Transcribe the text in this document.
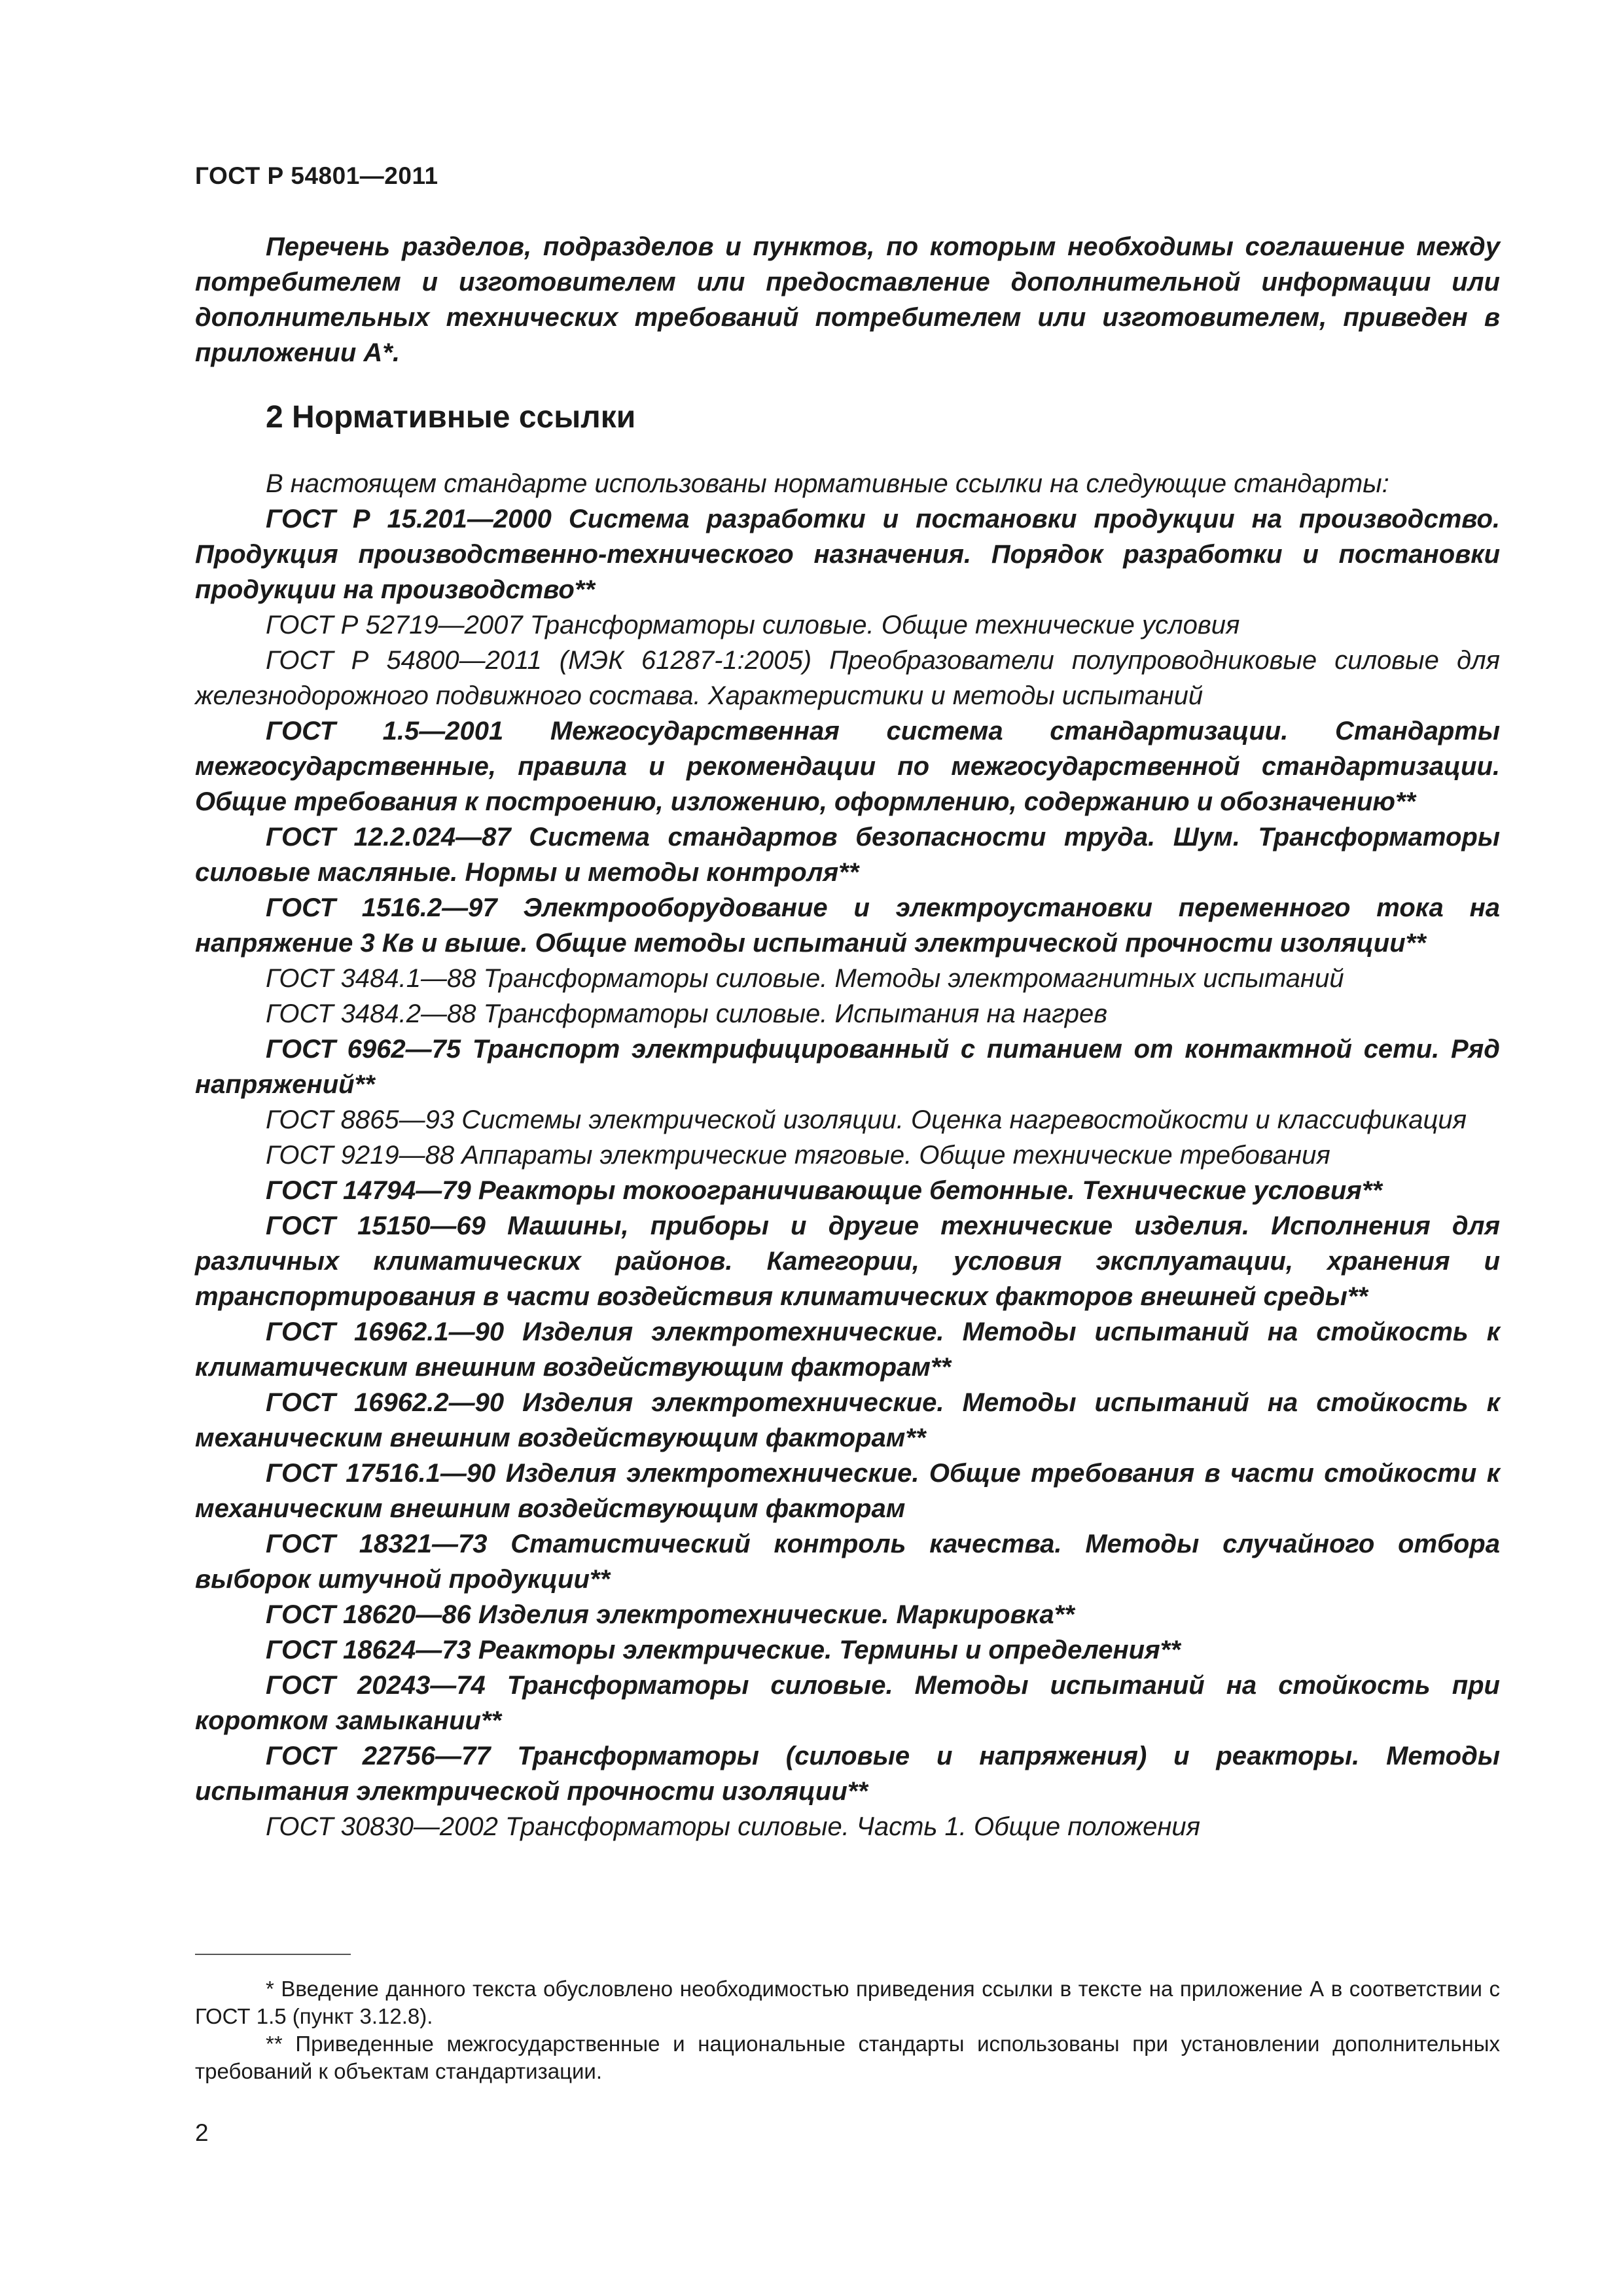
ГОСТ Р 54801—2011

Перечень разделов, подразделов и пунктов, по которым необходимы соглашение между потребителем и изготовителем или предоставление дополнительной информации или дополнительных технических требований потребителем или изготовителем, приведен в приложении А*.

2 Нормативные ссылки

В настоящем стандарте использованы нормативные ссылки на следующие стандарты:

ГОСТ Р 15.201—2000 Система разработки и постановки продукции на производство. Продукция производственно-технического назначения. Порядок разработки и постановки продукции на производство**

ГОСТ Р 52719—2007 Трансформаторы силовые. Общие технические условия

ГОСТ Р 54800—2011 (МЭК 61287-1:2005) Преобразователи полупроводниковые силовые для железнодорожного подвижного состава. Характеристики и методы испытаний

ГОСТ 1.5—2001 Межгосударственная система стандартизации. Стандарты межгосударственные, правила и рекомендации по межгосударственной стандартизации. Общие требования к построению, изложению, оформлению, содержанию и обозначению**

ГОСТ 12.2.024—87 Система стандартов безопасности труда. Шум. Трансформаторы силовые масляные. Нормы и методы контроля**

ГОСТ 1516.2—97 Электрооборудование и электроустановки переменного тока на напряжение 3 Кв и выше. Общие методы испытаний электрической прочности изоляции**

ГОСТ 3484.1—88 Трансформаторы силовые. Методы электромагнитных испытаний

ГОСТ 3484.2—88 Трансформаторы силовые. Испытания на нагрев

ГОСТ 6962—75 Транспорт электрифицированный с питанием от контактной сети. Ряд напряжений**

ГОСТ 8865—93 Системы электрической изоляции. Оценка нагревостойкости и классификация

ГОСТ 9219—88 Аппараты электрические тяговые. Общие технические требования

ГОСТ 14794—79 Реакторы токоограничивающие бетонные. Технические условия**

ГОСТ 15150—69 Машины, приборы и другие технические изделия. Исполнения для различных климатических районов. Категории, условия эксплуатации, хранения и транспортирования в части воздействия климатических факторов внешней среды**

ГОСТ 16962.1—90 Изделия электротехнические. Методы испытаний на стойкость к климатическим внешним воздействующим факторам**

ГОСТ 16962.2—90 Изделия электротехнические. Методы испытаний на стойкость к механическим внешним воздействующим факторам**

ГОСТ 17516.1—90 Изделия электротехнические. Общие требования в части стойкости к механическим внешним воздействующим факторам

ГОСТ 18321—73 Статистический контроль качества. Методы случайного отбора выборок штучной продукции**

ГОСТ 18620—86 Изделия электротехнические. Маркировка**

ГОСТ 18624—73 Реакторы электрические. Термины и определения**

ГОСТ 20243—74 Трансформаторы силовые. Методы испытаний на стойкость при коротком замыкании**

ГОСТ 22756—77 Трансформаторы (силовые и напряжения) и реакторы. Методы испытания электрической прочности изоляции**

ГОСТ 30830—2002 Трансформаторы силовые. Часть 1. Общие положения

* Введение данного текста обусловлено необходимостью приведения ссылки в тексте на приложение А в соответствии с ГОСТ 1.5 (пункт 3.12.8).

** Приведенные межгосударственные и национальные стандарты использованы при установлении дополнительных требований к объектам стандартизации.

2
